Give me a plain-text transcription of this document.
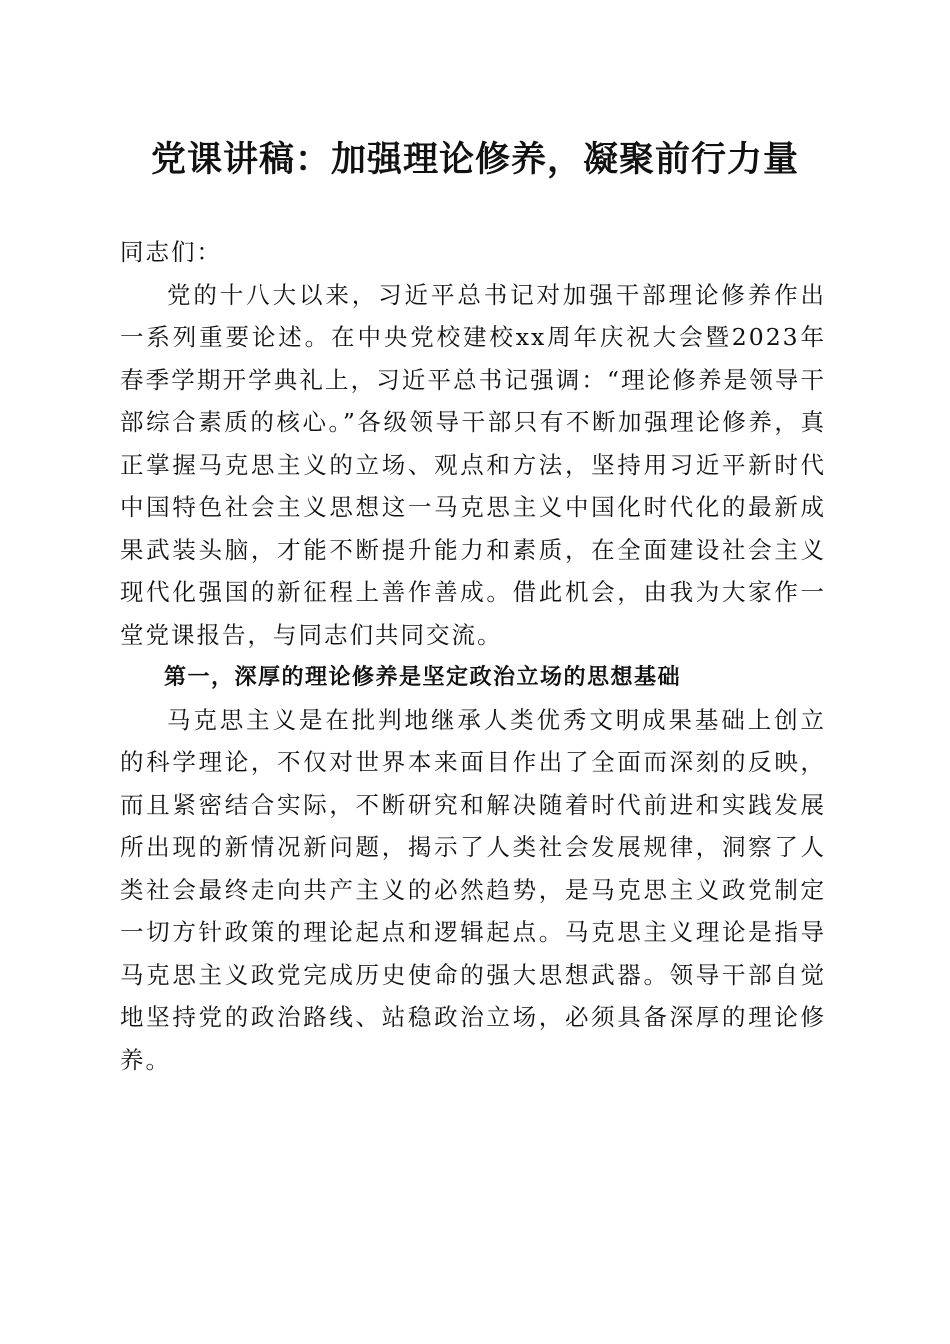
党课讲稿：加强理论修养，凝聚前行力量

同志们：

党的十八大以来，习近平总书记对加强干部理论修养作出一系列重要论述。在中央党校建校xx周年庆祝大会暨2023年春季学期开学典礼上，习近平总书记强调：“理论修养是领导干部综合素质的核心。”各级领导干部只有不断加强理论修养，真正掌握马克思主义的立场、观点和方法，坚持用习近平新时代中国特色社会主义思想这一马克思主义中国化时代化的最新成果武装头脑，才能不断提升能力和素质，在全面建设社会主义现代化强国的新征程上善作善成。借此机会，由我为大家作一堂党课报告，与同志们共同交流。

第一，深厚的理论修养是坚定政治立场的思想基础

马克思主义是在批判地继承人类优秀文明成果基础上创立的科学理论，不仅对世界本来面目作出了全面而深刻的反映，而且紧密结合实际，不断研究和解决随着时代前进和实践发展所出现的新情况新问题，揭示了人类社会发展规律，洞察了人类社会最终走向共产主义的必然趋势，是马克思主义政党制定一切方针政策的理论起点和逻辑起点。马克思主义理论是指导马克思主义政党完成历史使命的强大思想武器。领导干部自觉地坚持党的政治路线、站稳政治立场，必须具备深厚的理论修养。
